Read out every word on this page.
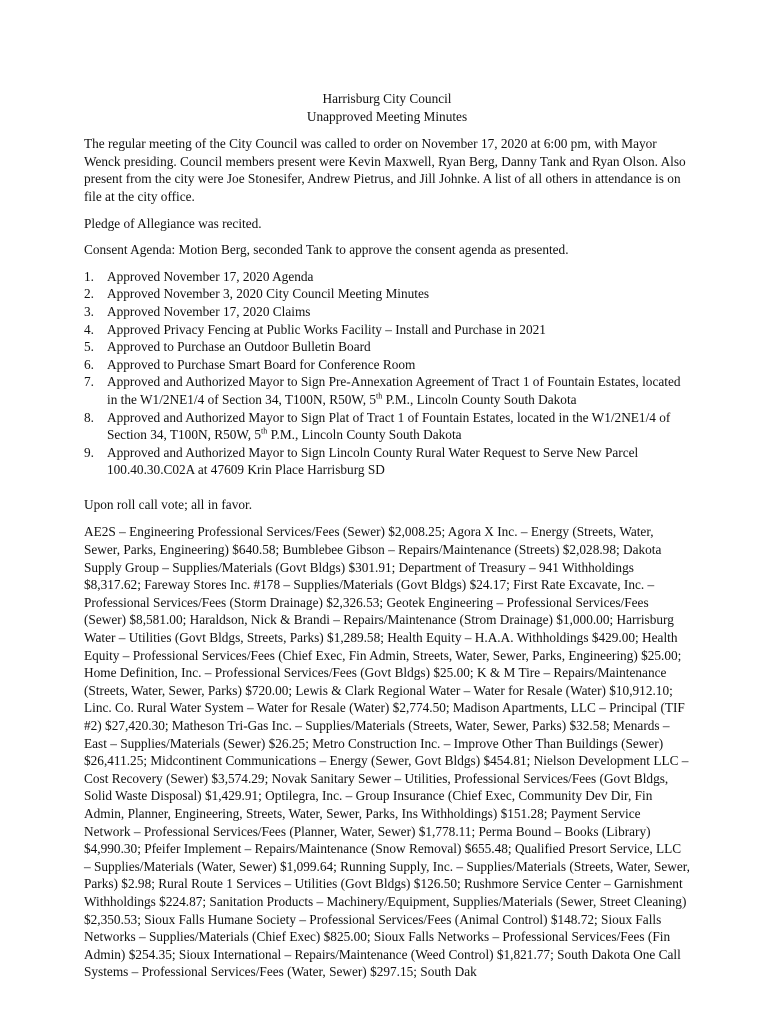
Harrisburg City Council

Unapproved Meeting Minutes

The regular meeting of the City Council was called to order on November 17, 2020 at 6:00 pm, with Mayor Wenck presiding. Council members present were Kevin Maxwell, Ryan Berg, Danny Tank and Ryan Olson. Also present from the city were Joe Stonesifer, Andrew Pietrus, and Jill Johnke. A list of all others in attendance is on file at the city office.

Pledge of Allegiance was recited.

Consent Agenda: Motion Berg, seconded Tank to approve the consent agenda as presented.

1. Approved November 17, 2020 Agenda
2. Approved November 3, 2020 City Council Meeting Minutes
3. Approved November 17, 2020 Claims
4. Approved Privacy Fencing at Public Works Facility – Install and Purchase in 2021
5. Approved to Purchase an Outdoor Bulletin Board
6. Approved to Purchase Smart Board for Conference Room
7. Approved and Authorized Mayor to Sign Pre-Annexation Agreement of Tract 1 of Fountain Estates, located in the W1/2NE1/4 of Section 34, T100N, R50W, 5th P.M., Lincoln County South Dakota
8. Approved and Authorized Mayor to Sign Plat of Tract 1 of Fountain Estates, located in the W1/2NE1/4 of Section 34, T100N, R50W, 5th P.M., Lincoln County South Dakota
9. Approved and Authorized Mayor to Sign Lincoln County Rural Water Request to Serve New Parcel 100.40.30.C02A at 47609 Krin Place Harrisburg SD

Upon roll call vote; all in favor.

AE2S – Engineering Professional Services/Fees (Sewer) $2,008.25; Agora X Inc. – Energy (Streets, Water, Sewer, Parks, Engineering) $640.58; Bumblebee Gibson – Repairs/Maintenance (Streets) $2,028.98; Dakota Supply Group – Supplies/Materials (Govt Bldgs) $301.91; Department of Treasury – 941 Withholdings $8,317.62; Fareway Stores Inc. #178 – Supplies/Materials (Govt Bldgs) $24.17; First Rate Excavate, Inc. – Professional Services/Fees (Storm Drainage) $2,326.53; Geotek Engineering – Professional Services/Fees (Sewer) $8,581.00; Haraldson, Nick & Brandi – Repairs/Maintenance (Strom Drainage) $1,000.00; Harrisburg Water – Utilities (Govt Bldgs, Streets, Parks) $1,289.58; Health Equity – H.A.A. Withholdings $429.00; Health Equity – Professional Services/Fees (Chief Exec, Fin Admin, Streets, Water, Sewer, Parks, Engineering) $25.00; Home Definition, Inc. – Professional Services/Fees (Govt Bldgs) $25.00; K & M Tire – Repairs/Maintenance (Streets, Water, Sewer, Parks) $720.00; Lewis & Clark Regional Water – Water for Resale (Water) $10,912.10; Linc. Co. Rural Water System – Water for Resale (Water) $2,774.50; Madison Apartments, LLC – Principal (TIF #2) $27,420.30; Matheson Tri-Gas Inc. – Supplies/Materials (Streets, Water, Sewer, Parks) $32.58; Menards – East – Supplies/Materials (Sewer) $26.25; Metro Construction Inc. – Improve Other Than Buildings (Sewer) $26,411.25; Midcontinent Communications – Energy (Sewer, Govt Bldgs) $454.81; Nielson Development LLC – Cost Recovery (Sewer) $3,574.29; Novak Sanitary Sewer – Utilities, Professional Services/Fees (Govt Bldgs, Solid Waste Disposal) $1,429.91; Optilegra, Inc. – Group Insurance (Chief Exec, Community Dev Dir, Fin Admin, Planner, Engineering, Streets, Water, Sewer, Parks, Ins Withholdings) $151.28; Payment Service Network – Professional Services/Fees (Planner, Water, Sewer) $1,778.11; Perma Bound – Books (Library) $4,990.30; Pfeifer Implement – Repairs/Maintenance (Snow Removal) $655.48; Qualified Presort Service, LLC – Supplies/Materials (Water, Sewer) $1,099.64; Running Supply, Inc. – Supplies/Materials (Streets, Water, Sewer, Parks) $2.98; Rural Route 1 Services – Utilities (Govt Bldgs) $126.50; Rushmore Service Center – Garnishment Withholdings $224.87; Sanitation Products – Machinery/Equipment, Supplies/Materials (Sewer, Street Cleaning) $2,350.53; Sioux Falls Humane Society – Professional Services/Fees (Animal Control) $148.72; Sioux Falls Networks – Supplies/Materials (Chief Exec) $825.00; Sioux Falls Networks – Professional Services/Fees (Fin Admin) $254.35; Sioux International – Repairs/Maintenance (Weed Control) $1,821.77; South Dakota One Call Systems – Professional Services/Fees (Water, Sewer) $297.15; South Dak
